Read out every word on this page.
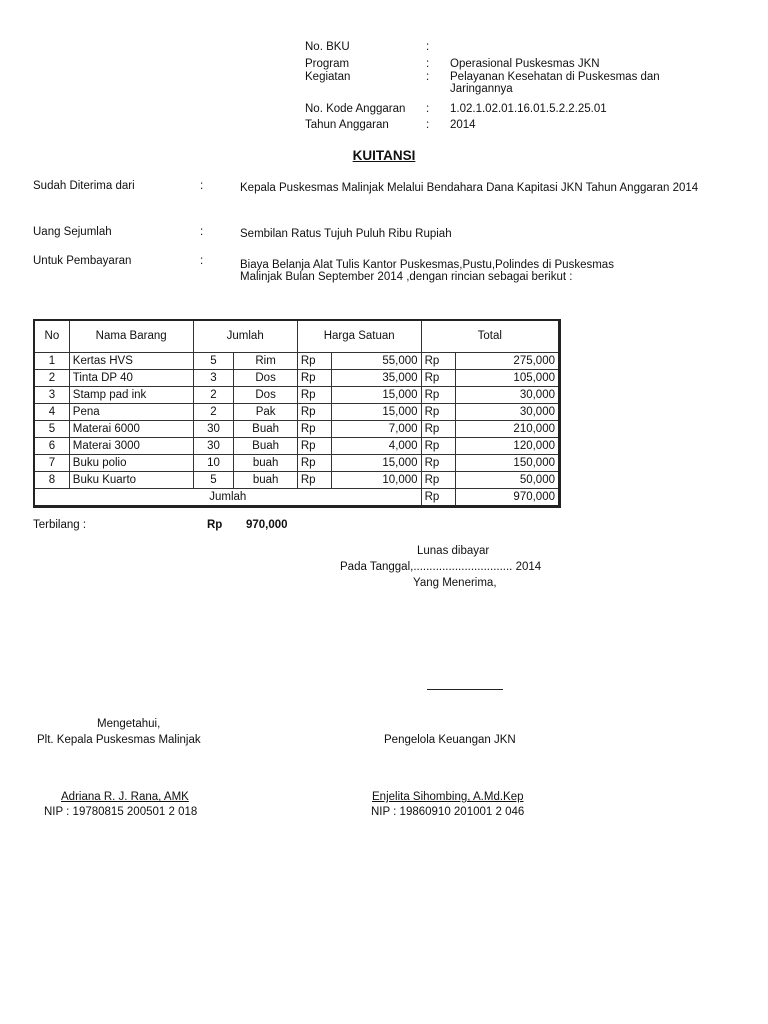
No. BKU	:
Program	: Operasional Puskesmas JKN
Kegiatan	: Pelayanan Kesehatan di Puskesmas dan
Jaringannya
No. Kode Anggaran : 1.02.1.02.01.16.01.5.2.2.25.01
Tahun Anggaran	: 2014
KUITANSI
Sudah Diterima dari	:	Kepala Puskesmas Malinjak Melalui Bendahara Dana Kapitasi JKN Tahun Anggaran 2014
Uang Sejumlah	:	Sembilan Ratus Tujuh Puluh Ribu Rupiah
Untuk Pembayaran	:	Biaya Belanja Alat Tulis Kantor Puskesmas,Pustu,Polindes di Puskesmas
Malinjak Bulan September 2014 ,dengan rincian sebagai berikut :
No	Nama Barang	Jumlah		Harga Satuan		Total	
1	Kertas HVS	5	Rim	Rp	55,000	Rp	275,000
2	Tinta DP 40	3	Dos	Rp	35,000	Rp	105,000
3	Stamp pad ink	2	Dos	Rp	15,000	Rp	30,000
4	Pena	2	Pak	Rp	15,000	Rp	30,000
5	Materai 6000	30	Buah	Rp	7,000	Rp	210,000
6	Materai 3000	30	Buah	Rp	4,000	Rp	120,000
7	Buku polio	10	buah	Rp	15,000	Rp	150,000
8	Buku Kuarto	5	buah	Rp	10,000	Rp	50,000
Jumlah						Rp	970,000
Terbilang :	Rp 970,000
Lunas dibayar
Pada Tanggal,............................... 2014
Yang Menerima,
Mengetahui,
Plt. Kepala Puskesmas Malinjak
Adriana R. J. Rana, AMK
NIP : 19780815 200501 2 018
Pengelola Keuangan JKN
Enjelita Sihombing, A.Md.Kep
NIP : 19860910 201001 2 046
